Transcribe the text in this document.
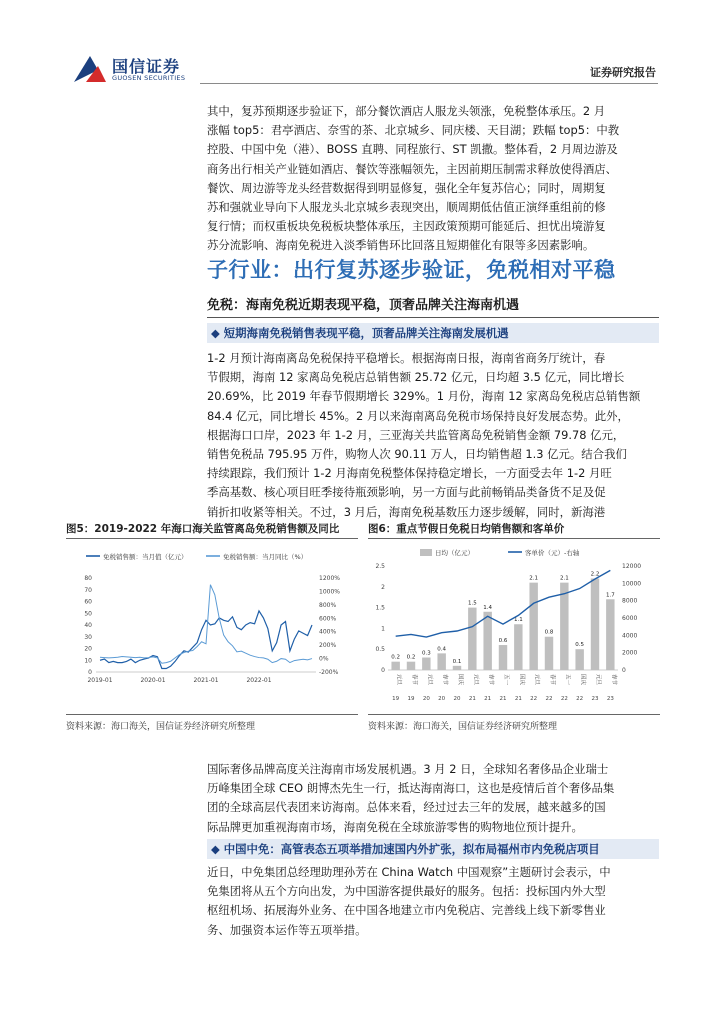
国信证券
GUOSEN SECURITIES	证券研究报告
其中，复苏预期逐步验证下，部分餐饮酒店人服龙头领涨，免税整体承压。2 月
涨幅 top5：君亭酒店、奈雪的茶、北京城乡、同庆楼、天目湖；跌幅 top5：中教
控股、中国中免（港）、BOSS 直聘、同程旅行、ST 凯撒。整体看，2 月周边游及
商务出行相关产业链如酒店、餐饮等涨幅领先，主因前期压制需求释放使得酒店、
餐饮、周边游等龙头经营数据得到明显修复，强化全年复苏信心；同时，周期复
苏和强就业导向下人服龙头北京城乡表现突出，顺周期低估值正演绎重组前的修
复行情；而权重板块免税板块整体承压，主因政策预期可能延后、担忧出境游复
苏分流影响、海南免税进入淡季销售环比回落且短期催化有限等多因素影响。
子行业：出行复苏逐步验证，免税相对平稳
免税：海南免税近期表现平稳，顶奢品牌关注海南机遇
◆ 短期海南免税销售表现平稳，顶奢品牌关注海南发展机遇
1-2 月预计海南离岛免税保持平稳增长。根据海南日报，海南省商务厅统计，春
节假期，海南 12 家离岛免税店总销售额 25.72 亿元，日均超 3.5 亿元，同比增长
20.69%，比 2019 年春节假期增长 329%。1 月份，海南 12 家离岛免税店总销售额
84.4 亿元，同比增长 45%。2 月以来海南离岛免税市场保持良好发展态势。此外，
根据海口口岸，2023 年 1-2 月，三亚海关共监管离岛免税销售金额 79.78 亿元，
销售免税品 795.95 万件，购物人次 90.11 万人，日均销售超 1.3 亿元。结合我们
持续跟踪，我们预计 1-2 月海南免税整体保持稳定增长，一方面受去年 1-2 月旺
季高基数、核心项目旺季接待瓶颈影响，另一方面与此前畅销品类备货不足及促
销折扣收紧等相关。不过，3 月后，海南免税基数压力逐步缓解，同时，新海港
图5：2019-2022 年海口海关监管离岛免税销售额及同比
免税销售额：当月值（亿元）	免税销售额：当月同比（%）
0
10
20
30
40
50
60
70
80
-200%
0%
200%
400%
600%
800%
1000%
1200%
2019-01	2020-01	2021-01	2022-01
资料来源：海口海关，国信证券经济研究所整理
图6：重点节假日免税日均销售额和客单价
日均（亿元）	客单价（元）-右轴
0
0.5
1
1.5
2
2.5
0
2000
4000
6000
8000
10000
12000
0.2
元旦
19
0.2
春节
19
0.3
元旦
20
0.4
春节
20
0.1
国庆
20
1.5
元旦
21
1.4
春节
21
0.6
五一
21
1.1
国庆
21
2.1
元旦
22
0.8
春节
22
2.1
五一
22
0.5
国庆
22
2.2
元旦
23
1.7
春节
23
资料来源：海口海关，国信证券经济研究所整理
国际奢侈品牌高度关注海南市场发展机遇。3 月 2 日，全球知名奢侈品企业瑞士
历峰集团全球 CEO 朗博杰先生一行，抵达海南海口，这也是疫情后首个奢侈品集
团的全球高层代表团来访海南。总体来看，经过过去三年的发展，越来越多的国
际品牌更加重视海南市场，海南免税在全球旅游零售的购物地位预计提升。
◆ 中国中免：高管表态五项举措加速国内外扩张，拟布局福州市内免税店项目
近日，中免集团总经理助理孙芳在 China Watch 中国观察”主题研讨会表示，中
免集团将从五个方向出发，为中国游客提供最好的服务。包括：投标国内外大型
枢纽机场、拓展海外业务、在中国各地建立市内免税店、完善线上线下新零售业
务、加强资本运作等五项举措。
